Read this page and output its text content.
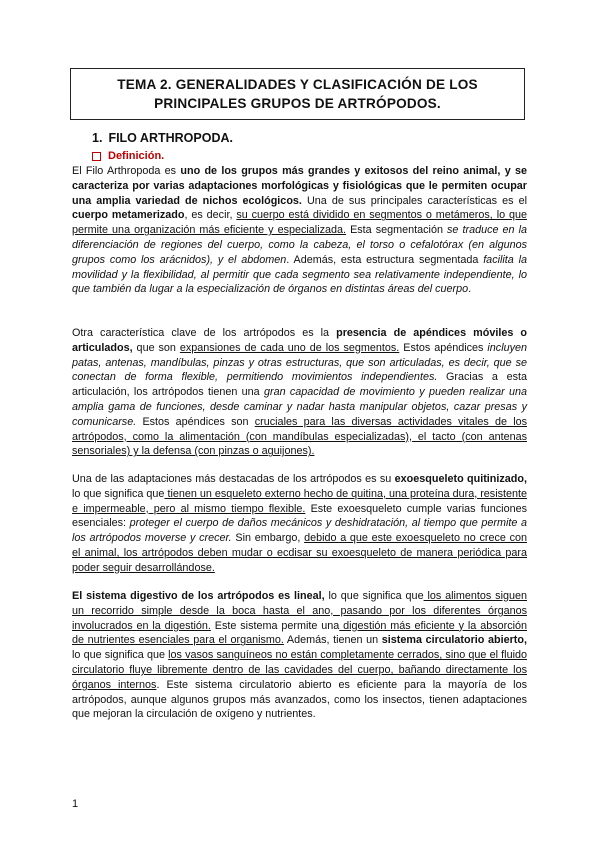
TEMA 2. GENERALIDADES Y CLASIFICACIÓN DE LOS
PRINCIPALES GRUPOS DE ARTRÓPODOS.
1. FILO ARTHROPODA.
Definición.

El Filo Arthropoda es uno de los grupos más grandes y exitosos del reino animal, y se caracteriza por varias adaptaciones morfológicas y fisiológicas que le permiten ocupar una amplia variedad de nichos ecológicos. Una de sus principales características es el cuerpo metamerizado, es decir, su cuerpo está dividido en segmentos o metámeros, lo que permite una organización más eficiente y especializada. Esta segmentación se traduce en la diferenciación de regiones del cuerpo, como la cabeza, el torso o cefalotórax (en algunos grupos como los arácnidos), y el abdomen. Además, esta estructura segmentada facilita la movilidad y la flexibilidad, al permitir que cada segmento sea relativamente independiente, lo que también da lugar a la especialización de órganos en distintas áreas del cuerpo.

Otra característica clave de los artrópodos es la presencia de apéndices móviles o articulados, que son expansiones de cada uno de los segmentos. Estos apéndices incluyen patas, antenas, mandíbulas, pinzas y otras estructuras, que son articuladas, es decir, que se conectan de forma flexible, permitiendo movimientos independientes. Gracias a esta articulación, los artrópodos tienen una gran capacidad de movimiento y pueden realizar una amplia gama de funciones, desde caminar y nadar hasta manipular objetos, cazar presas y comunicarse. Estos apéndices son cruciales para las diversas actividades vitales de los artrópodos, como la alimentación (con mandíbulas especializadas), el tacto (con antenas sensoriales) y la defensa (con pinzas o aguijones).

Una de las adaptaciones más destacadas de los artrópodos es su exoesqueleto quitinizado, lo que significa que tienen un esqueleto externo hecho de quitina, una proteína dura, resistente e impermeable, pero al mismo tiempo flexible. Este exoesqueleto cumple varias funciones esenciales: proteger el cuerpo de daños mecánicos y deshidratación, al tiempo que permite a los artrópodos moverse y crecer. Sin embargo, debido a que este exoesqueleto no crece con el animal, los artrópodos deben mudar o ecdisar su exoesqueleto de manera periódica para poder seguir desarrollándose.

El sistema digestivo de los artrópodos es lineal, lo que significa que los alimentos siguen un recorrido simple desde la boca hasta el ano, pasando por los diferentes órganos involucrados en la digestión. Este sistema permite una digestión más eficiente y la absorción de nutrientes esenciales para el organismo. Además, tienen un sistema circulatorio abierto, lo que significa que los vasos sanguíneos no están completamente cerrados, sino que el fluido circulatorio fluye libremente dentro de las cavidades del cuerpo, bañando directamente los órganos internos. Este sistema circulatorio abierto es eficiente para la mayoría de los artrópodos, aunque algunos grupos más avanzados, como los insectos, tienen adaptaciones que mejoran la circulación de oxígeno y nutrientes.

1
